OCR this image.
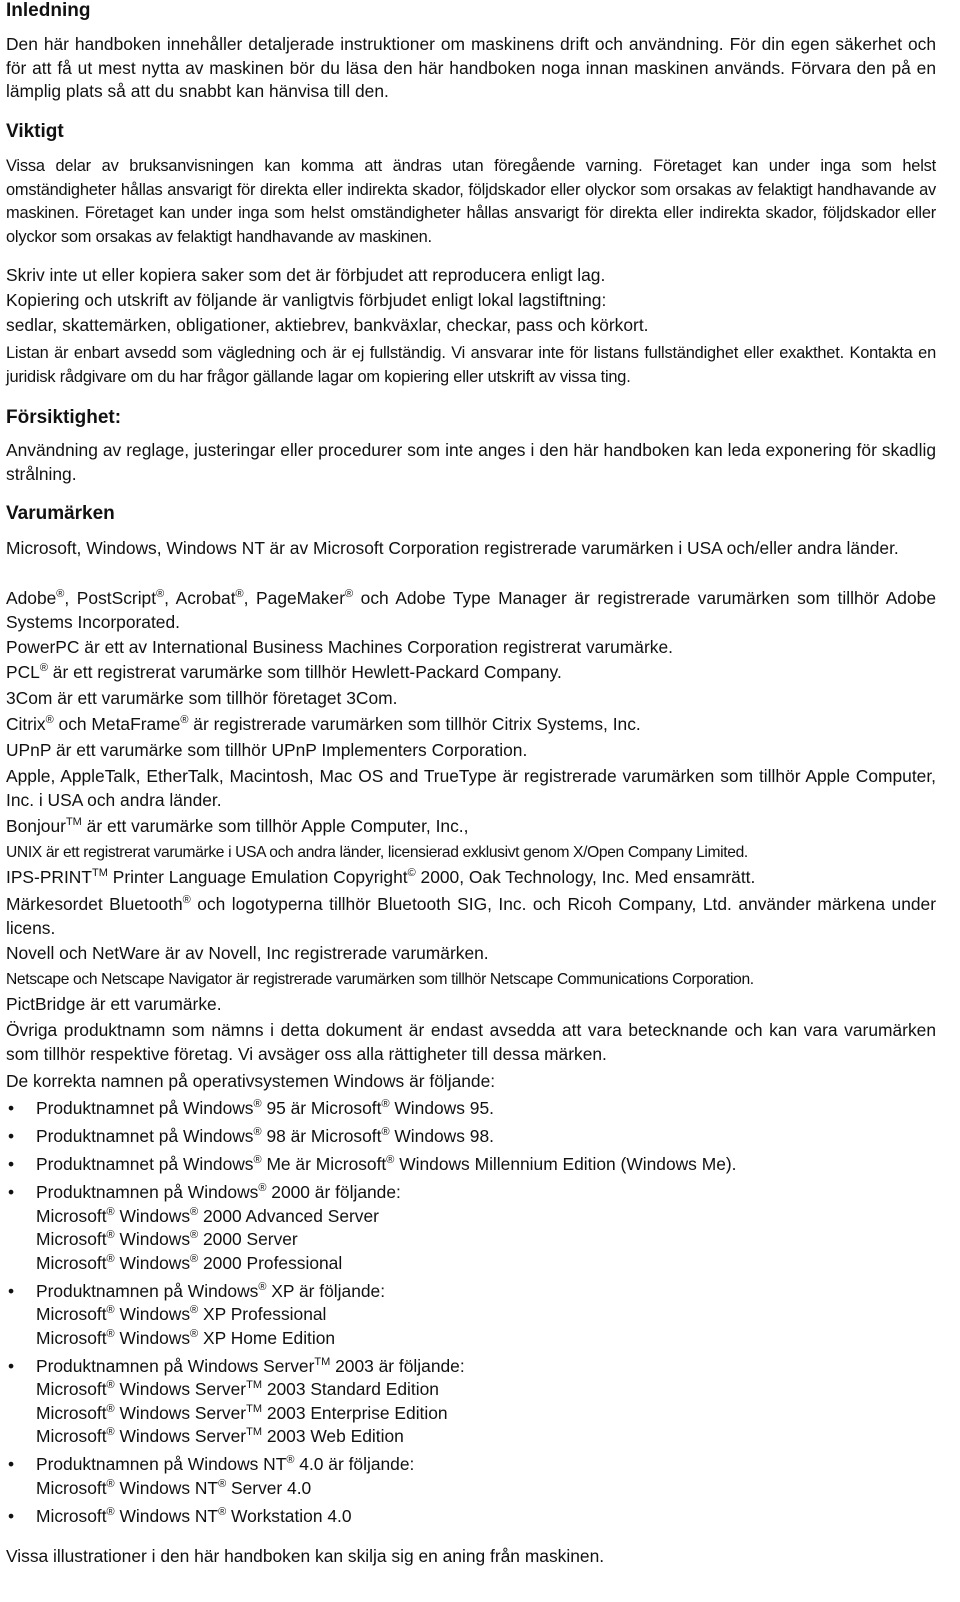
Inledning

Den här handboken innehåller detaljerade instruktioner om maskinens drift och användning. För din egen säkerhet och för att få ut mest nytta av maskinen bör du läsa den här handboken noga innan maskinen används. Förvara den på en lämplig plats så att du snabbt kan hänvisa till den.

Viktigt

Vissa delar av bruksanvisningen kan komma att ändras utan föregående varning. Företaget kan under inga som helst omständigheter hållas ansvarigt för direkta eller indirekta skador, följdskador eller olyckor som orsakas av felaktigt handhavande av maskinen. Företaget kan under inga som helst omständigheter hållas ansvarigt för direkta eller indirekta skador, följdskador eller olyckor som orsakas av felaktigt handhavande av maskinen.

Skriv inte ut eller kopiera saker som det är förbjudet att reproducera enligt lag.

Kopiering och utskrift av följande är vanligtvis förbjudet enligt lokal lagstiftning:

sedlar, skattemärken, obligationer, aktiebrev, bankväxlar, checkar, pass och körkort.

Listan är enbart avsedd som vägledning och är ej fullständig. Vi ansvarar inte för listans fullständighet eller exakthet. Kontakta en juridisk rådgivare om du har frågor gällande lagar om kopiering eller utskrift av vissa ting.

Försiktighet:

Användning av reglage, justeringar eller procedurer som inte anges i den här handboken kan leda exponering för skadlig strålning.

Varumärken

Microsoft, Windows, Windows NT är av Microsoft Corporation registrerade varumärken i USA och/eller andra länder.

Adobe®, PostScript®, Acrobat®, PageMaker® och Adobe Type Manager är registrerade varumärken som tillhör Adobe Systems Incorporated.

PowerPC är ett av International Business Machines Corporation registrerat varumärke.

PCL® är ett registrerat varumärke som tillhör Hewlett-Packard Company.

3Com är ett varumärke som tillhör företaget 3Com.

Citrix® och MetaFrame® är registrerade varumärken som tillhör Citrix Systems, Inc.

UPnP är ett varumärke som tillhör UPnP Implementers Corporation.

Apple, AppleTalk, EtherTalk, Macintosh, Mac OS and TrueType är registrerade varumärken som tillhör Apple Computer, Inc. i USA och andra länder.

Bonjour™ är ett varumärke som tillhör Apple Computer, Inc.,

UNIX är ett registrerat varumärke i USA och andra länder, licensierad exklusivt genom X/Open Company Limited.

IPS-PRINT™ Printer Language Emulation Copyright© 2000, Oak Technology, Inc. Med ensamrätt.

Märkesordet Bluetooth® och logotyperna tillhör Bluetooth SIG, Inc. och Ricoh Company, Ltd. använder märkena under licens.

Novell och NetWare är av Novell, Inc registrerade varumärken.

Netscape och Netscape Navigator är registrerade varumärken som tillhör Netscape Communications Corporation.

PictBridge är ett varumärke.

Övriga produktnamn som nämns i detta dokument är endast avsedda att vara betecknande och kan vara varumärken som tillhör respektive företag. Vi avsäger oss alla rättigheter till dessa märken.

De korrekta namnen på operativsystemen Windows är följande:

• Produktnamnet på Windows® 95 är Microsoft® Windows 95.
• Produktnamnet på Windows® 98 är Microsoft® Windows 98.
• Produktnamnet på Windows® Me är Microsoft® Windows Millennium Edition (Windows Me).
• Produktnamnen på Windows® 2000 är följande:
Microsoft® Windows® 2000 Advanced Server
Microsoft® Windows® 2000 Server
Microsoft® Windows® 2000 Professional
• Produktnamnen på Windows® XP är följande:
Microsoft® Windows® XP Professional
Microsoft® Windows® XP Home Edition
• Produktnamnen på Windows Server™ 2003 är följande:
Microsoft® Windows Server™ 2003 Standard Edition
Microsoft® Windows Server™ 2003 Enterprise Edition
Microsoft® Windows Server™ 2003 Web Edition
• Produktnamnen på Windows NT® 4.0 är följande:
Microsoft® Windows NT® Server 4.0
• Microsoft® Windows NT® Workstation 4.0

Vissa illustrationer i den här handboken kan skilja sig en aning från maskinen.
